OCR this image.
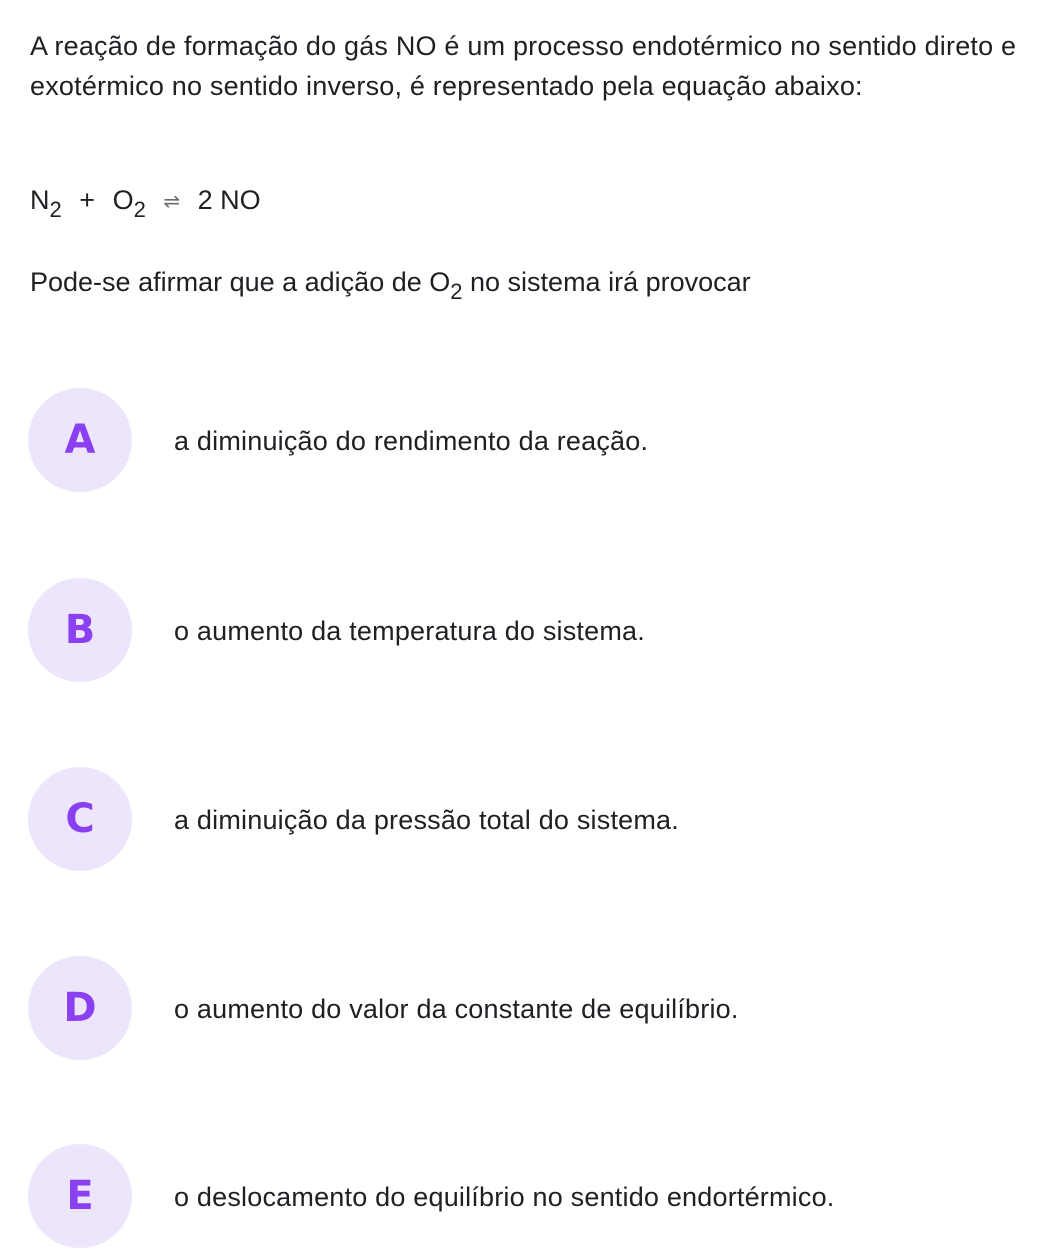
A reação de formação do gás NO é um processo endotérmico no sentido direto e exotérmico no sentido inverso, é representado pela equação abaixo:
$N_2 + O_2$ ⇌ 2 NO
Pode-se afirmar que a adição de $O_2$ no sistema irá provocar
A	a diminuição do rendimento da reação.
B	o aumento da temperatura do sistema.
C	a diminuição da pressão total do sistema.
D	o aumento do valor da constante de equilíbrio.
E	o deslocamento do equilíbrio no sentido endortérmico.
